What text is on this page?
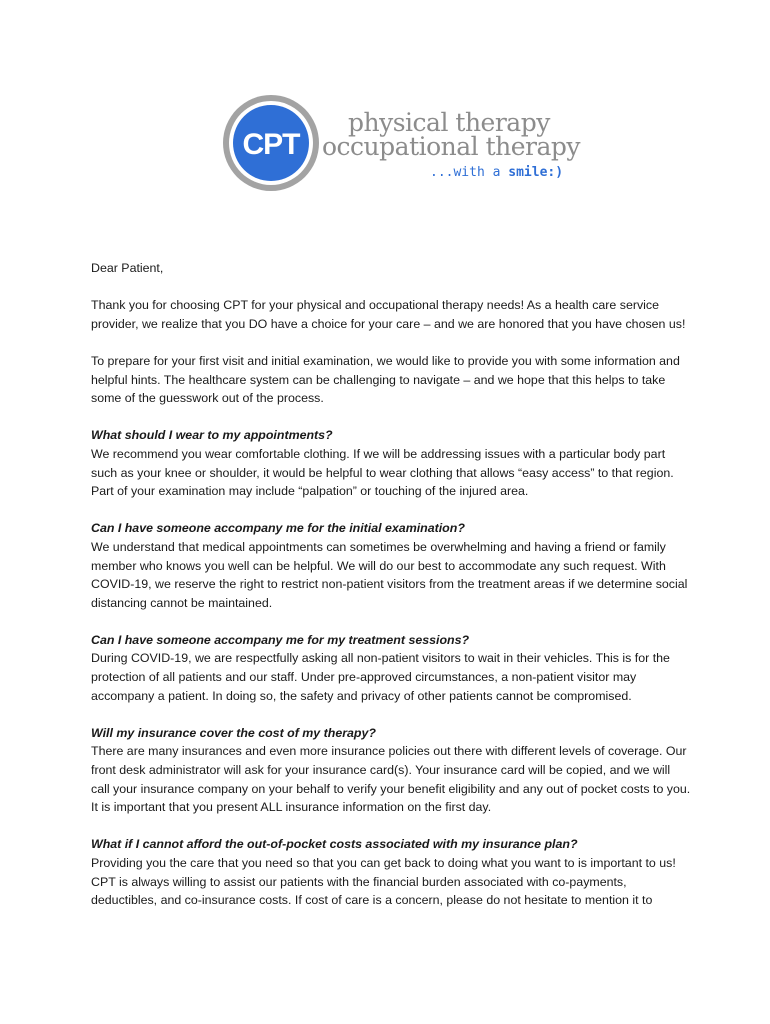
CPT
physical therapy
occupational therapy
...with a smile:)

Dear Patient,

Thank you for choosing CPT for your physical and occupational therapy needs! As a health care service provider, we realize that you DO have a choice for your care – and we are honored that you have chosen us!

To prepare for your first visit and initial examination, we would like to provide you with some information and helpful hints. The healthcare system can be challenging to navigate – and we hope that this helps to take some of the guesswork out of the process.

What should I wear to my appointments?
We recommend you wear comfortable clothing. If we will be addressing issues with a particular body part such as your knee or shoulder, it would be helpful to wear clothing that allows “easy access” to that region. Part of your examination may include “palpation” or touching of the injured area.
Can I have someone accompany me for the initial examination?
We understand that medical appointments can sometimes be overwhelming and having a friend or family member who knows you well can be helpful. We will do our best to accommodate any such request. With COVID-19, we reserve the right to restrict non-patient visitors from the treatment areas if we determine social distancing cannot be maintained.
Can I have someone accompany me for my treatment sessions?
During COVID-19, we are respectfully asking all non-patient visitors to wait in their vehicles. This is for the protection of all patients and our staff. Under pre-approved circumstances, a non-patient visitor may accompany a patient. In doing so, the safety and privacy of other patients cannot be compromised.
Will my insurance cover the cost of my therapy?
There are many insurances and even more insurance policies out there with different levels of coverage. Our front desk administrator will ask for your insurance card(s). Your insurance card will be copied, and we will call your insurance company on your behalf to verify your benefit eligibility and any out of pocket costs to you. It is important that you present ALL insurance information on the first day.
What if I cannot afford the out-of-pocket costs associated with my insurance plan?
Providing you the care that you need so that you can get back to doing what you want to is important to us! CPT is always willing to assist our patients with the financial burden associated with co-payments, deductibles, and co-insurance costs. If cost of care is a concern, please do not hesitate to mention it to
